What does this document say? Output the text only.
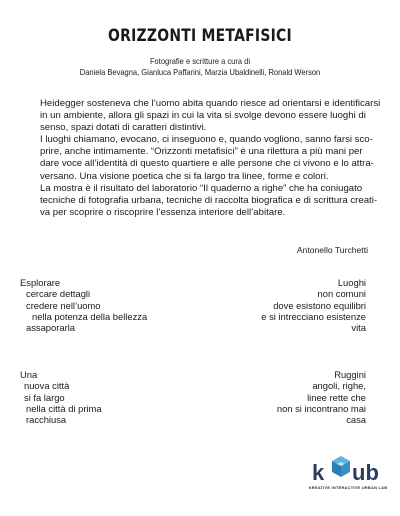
ORIZZONTI METAFISICI
Fotografie e scritture a cura di
Daniela Bevagna, Gianluca Paffarini, Marzia Ubaldinelli, Ronald Werson

Heidegger sosteneva che l’uomo abita quando riesce ad orientarsi e identificarsi

in un ambiente, allora gli spazi in cui la vita si svolge devono essere luoghi di

senso, spazi dotati di caratteri distintivi.

I luoghi chiamano, evocano, ci inseguono e, quando vogliono, sanno farsi sco-

prire, anche intimamente. “Orizzonti metafisici” è una rilettura a più mani per

dare voce all’identità di questo quartiere e alle persone che ci vivono e lo attra-

versano. Una visione poetica che si fa largo tra linee, forme e colori.

La mostra è il risultato del laboratorio “Il quaderno a righe” che ha coniugato

tecniche di fotografia urbana, tecniche di raccolta biografica e di scrittura creati-

va per scoprire o riscoprire l’essenza interiore dell’abitare.

Antonello Turchetti
Esplorare
cercare dettagli
credere nell’uomo
nella potenza della bellezza
assaporarla
Luoghi
non comuni
dove esistono equilibri
e si intrecciano esistenze
vita
Una
nuova città
si fa largo
nella città di prima
racchiusa
Ruggini
angoli, righe,
linee rette che
non si incontrano mai
casa
k ub
KREATIVE INTERACTIVE URBAN LAB
